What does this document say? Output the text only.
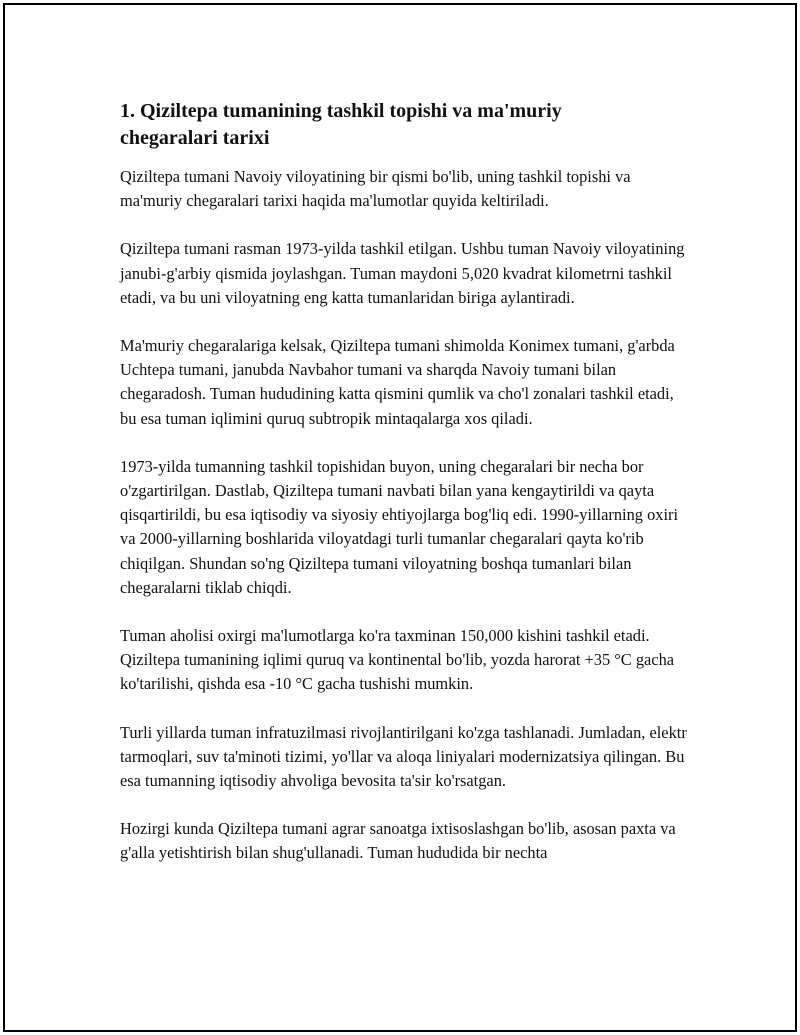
1. Qiziltepa tumanining tashkil topishi va ma'muriy chegaralari tarixi

Qiziltepa tumani Navoiy viloyatining bir qismi bo'lib, uning tashkil topishi va ma'muriy chegaralari tarixi haqida ma'lumotlar quyida keltiriladi.

Qiziltepa tumani rasman 1973-yilda tashkil etilgan. Ushbu tuman Navoiy viloyatining janubi-g'arbiy qismida joylashgan. Tuman maydoni 5,020 kvadrat kilometrni tashkil etadi, va bu uni viloyatning eng katta tumanlaridan biriga aylantiradi.

Ma'muriy chegaralariga kelsak, Qiziltepa tumani shimolda Konimex tumani, g'arbda Uchtepa tumani, janubda Navbahor tumani va sharqda Navoiy tumani bilan chegaradosh. Tuman hududining katta qismini qumlik va cho'l zonalari tashkil etadi, bu esa tuman iqlimini quruq subtropik mintaqalarga xos qiladi.

1973-yilda tumanning tashkil topishidan buyon, uning chegaralari bir necha bor o'zgartirilgan. Dastlab, Qiziltepa tumani navbati bilan yana kengaytirildi va qayta qisqartirildi, bu esa iqtisodiy va siyosiy ehtiyojlarga bog'liq edi. 1990-yillarning oxiri va 2000-yillarning boshlarida viloyatdagi turli tumanlar chegaralari qayta ko'rib chiqilgan. Shundan so'ng Qiziltepa tumani viloyatning boshqa tumanlari bilan chegaralarni tiklab chiqdi.

Tuman aholisi oxirgi ma'lumotlarga ko'ra taxminan 150,000 kishini tashkil etadi. Qiziltepa tumanining iqlimi quruq va kontinental bo'lib, yozda harorat +35 °C gacha ko'tarilishi, qishda esa -10 °C gacha tushishi mumkin.

Turli yillarda tuman infratuzilmasi rivojlantirilgani ko'zga tashlanadi. Jumladan, elektr tarmoqlari, suv ta'minoti tizimi, yo'llar va aloqa liniyalari modernizatsiya qilingan. Bu esa tumanning iqtisodiy ahvoliga bevosita ta'sir ko'rsatgan.

Hozirgi kunda Qiziltepa tumani agrar sanoatga ixtisoslashgan bo'lib, asosan paxta va g'alla yetishtirish bilan shug'ullanadi. Tuman hududida bir nechta
